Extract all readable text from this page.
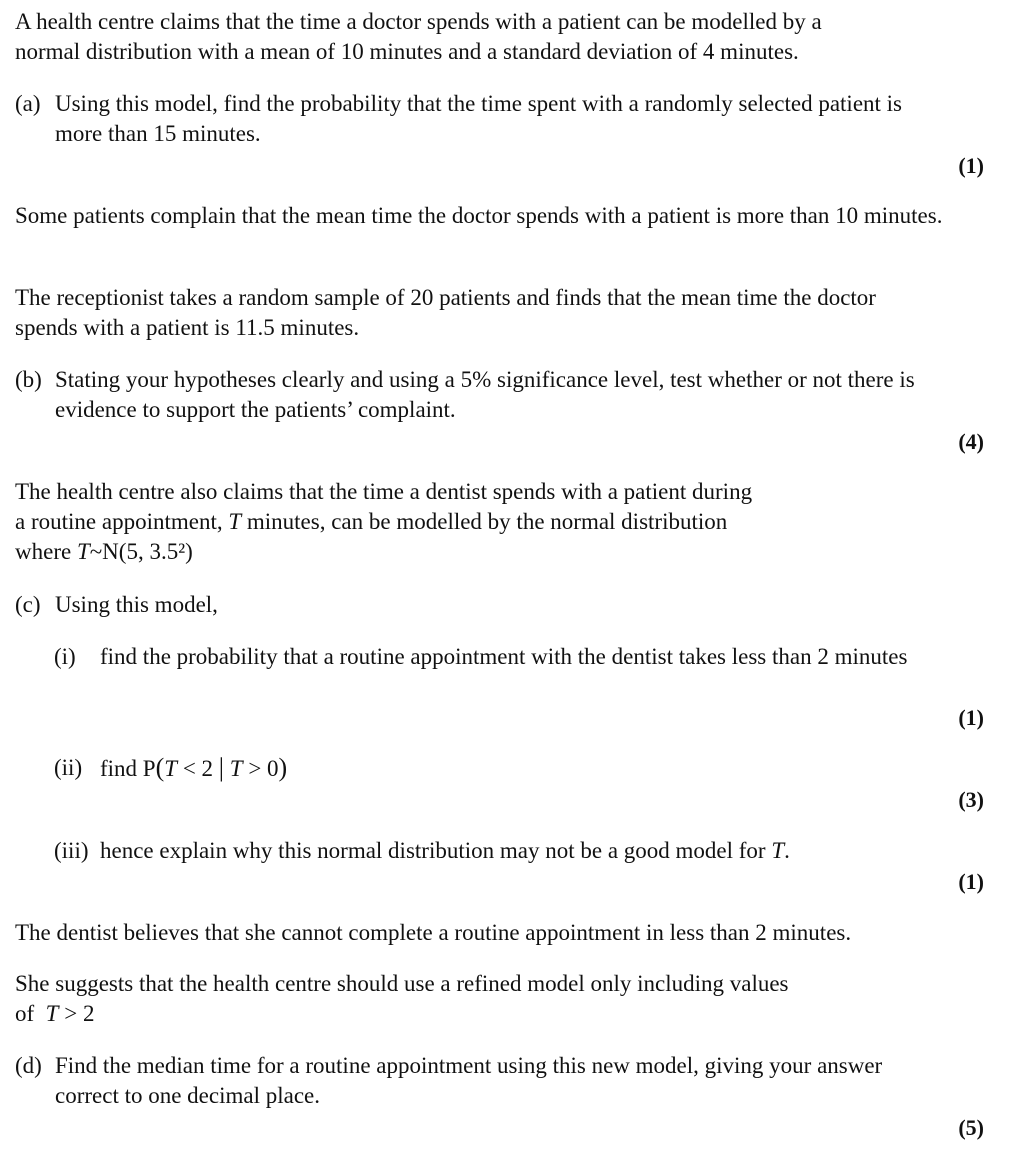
A health centre claims that the time a doctor spends with a patient can be modelled by a
normal distribution with a mean of 10 minutes and a standard deviation of 4 minutes.
(a) Using this model, find the probability that the time spent with a randomly selected patient is more than 15 minutes.
(1)
Some patients complain that the mean time the doctor spends with a patient is more than 10 minutes.
The receptionist takes a random sample of 20 patients and finds that the mean time the doctor spends with a patient is 11.5 minutes.
(b) Stating your hypotheses clearly and using a 5% significance level, test whether or not there is evidence to support the patients’ complaint.
(4)
The health centre also claims that the time a dentist spends with a patient during
a routine appointment, T minutes, can be modelled by the normal distribution
where T~N(5, 3.5²)
(c) Using this model,
(i) find the probability that a routine appointment with the dentist takes less than 2 minutes
(1)
(ii) find P(T < 2 | T > 0)
(3)
(iii) hence explain why this normal distribution may not be a good model for T.
(1)
The dentist believes that she cannot complete a routine appointment in less than 2 minutes.
She suggests that the health centre should use a refined model only including values
of  T > 2
(d) Find the median time for a routine appointment using this new model, giving your answer correct to one decimal place.
(5)
